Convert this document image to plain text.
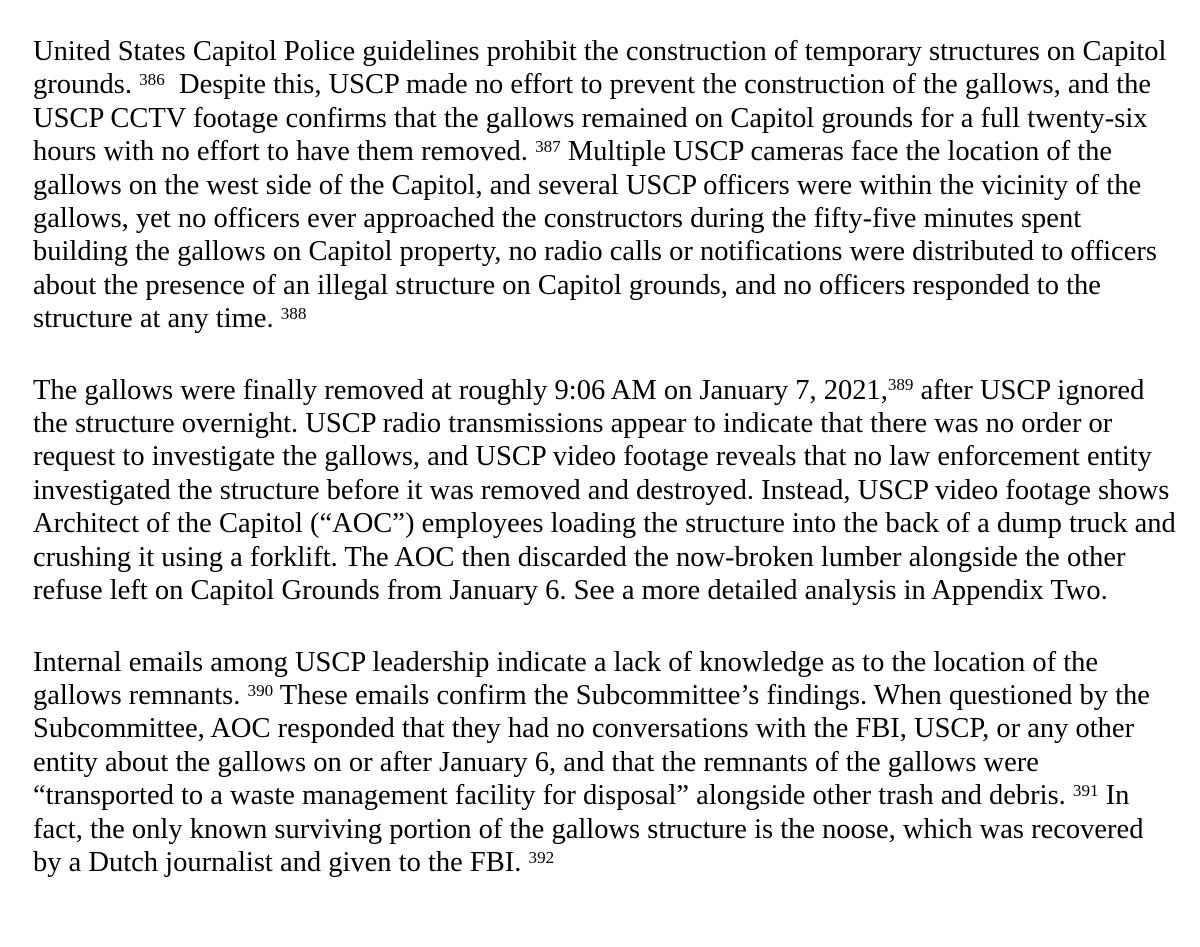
United States Capitol Police guidelines prohibit the construction of temporary structures on Capitol grounds. $^{386}$  Despite this, USCP made no effort to prevent the construction of the gallows, and the USCP CCTV footage confirms that the gallows remained on Capitol grounds for a full twenty-six hours with no effort to have them removed. $^{387}$ Multiple USCP cameras face the location of the gallows on the west side of the Capitol, and several USCP officers were within the vicinity of the gallows, yet no officers ever approached the constructors during the fifty-five minutes spent building the gallows on Capitol property, no radio calls or notifications were distributed to officers about the presence of an illegal structure on Capitol grounds, and no officers responded to the structure at any time. $^{388}$

The gallows were finally removed at roughly 9:06 AM on January 7, 2021,$^{389}$ after USCP ignored the structure overnight. USCP radio transmissions appear to indicate that there was no order or request to investigate the gallows, and USCP video footage reveals that no law enforcement entity investigated the structure before it was removed and destroyed. Instead, USCP video footage shows Architect of the Capitol (“AOC”) employees loading the structure into the back of a dump truck and crushing it using a forklift. The AOC then discarded the now-broken lumber alongside the other refuse left on Capitol Grounds from January 6. See a more detailed analysis in Appendix Two.

Internal emails among USCP leadership indicate a lack of knowledge as to the location of the gallows remnants. $^{390}$ These emails confirm the Subcommittee’s findings. When questioned by the Subcommittee, AOC responded that they had no conversations with the FBI, USCP, or any other entity about the gallows on or after January 6, and that the remnants of the gallows were “transported to a waste management facility for disposal” alongside other trash and debris. $^{391}$ In fact, the only known surviving portion of the gallows structure is the noose, which was recovered by a Dutch journalist and given to the FBI. $^{392}$
